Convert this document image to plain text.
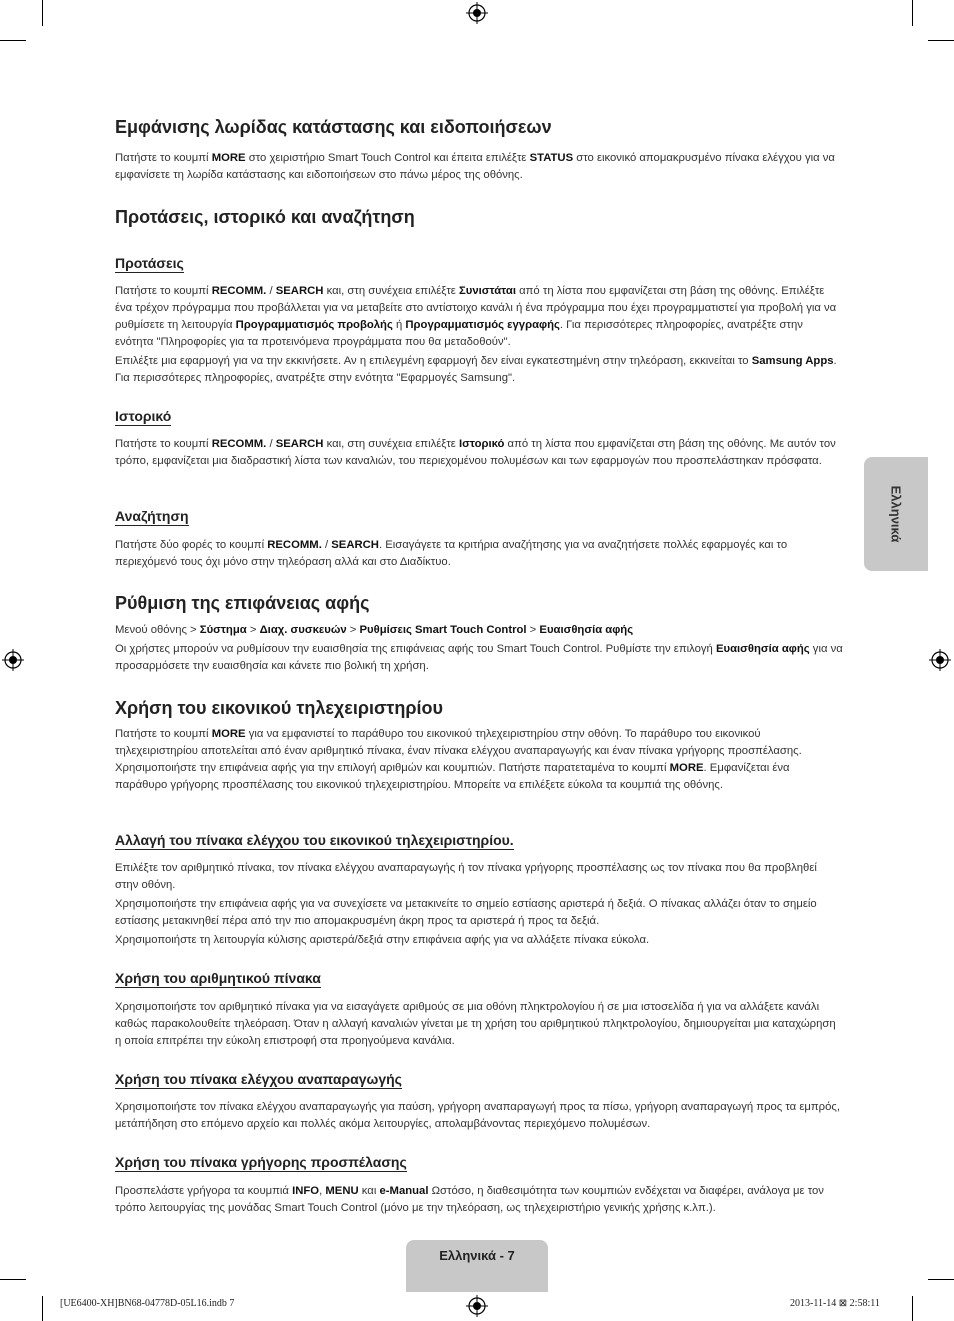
Εμφάνισης λωρίδας κατάστασης και ειδοποιήσεων

Πατήστε το κουμπί MORE στο χειριστήριο Smart Touch Control και έπειτα επιλέξτε STATUS στο εικονικό απομακρυσμένο πίνακα ελέγχου για να εμφανίσετε τη λωρίδα κατάστασης και ειδοποιήσεων στο πάνω μέρος της οθόνης.

Προτάσεις, ιστορικό και αναζήτηση
Προτάσεις

Πατήστε το κουμπί RECOMM. / SEARCH και, στη συνέχεια επιλέξτε Συνιστάται από τη λίστα που εμφανίζεται στη βάση της οθόνης. Επιλέξτε ένα τρέχον πρόγραμμα που προβάλλεται για να μεταβείτε στο αντίστοιχο κανάλι ή ένα πρόγραμμα που έχει προγραμματιστεί για προβολή για να ρυθμίσετε τη λειτουργία Προγραμματισμός προβολής ή Προγραμματισμός εγγραφής. Για περισσότερες πληροφορίες, ανατρέξτε στην ενότητα "Πληροφορίες για τα προτεινόμενα προγράμματα που θα μεταδοθούν".

Επιλέξτε μια εφαρμογή για να την εκκινήσετε. Αν η επιλεγμένη εφαρμογή δεν είναι εγκατεστημένη στην τηλεόραση, εκκινείται το Samsung Apps. Για περισσότερες πληροφορίες, ανατρέξτε στην ενότητα "Εφαρμογές Samsung".

Ιστορικό

Πατήστε το κουμπί RECOMM. / SEARCH και, στη συνέχεια επιλέξτε Ιστορικό από τη λίστα που εμφανίζεται στη βάση της οθόνης. Με αυτόν τον τρόπο, εμφανίζεται μια διαδραστική λίστα των καναλιών, του περιεχομένου πολυμέσων και των εφαρμογών που προσπελάστηκαν πρόσφατα.

Αναζήτηση

Πατήστε δύο φορές το κουμπί RECOMM. / SEARCH. Εισαγάγετε τα κριτήρια αναζήτησης για να αναζητήσετε πολλές εφαρμογές και το περιεχόμενό τους όχι μόνο στην τηλεόραση αλλά και στο Διαδίκτυο.

Ρύθμιση της επιφάνειας αφής

Μενού οθόνης > Σύστημα > Διαχ. συσκευών > Ρυθμίσεις Smart Touch Control > Ευαισθησία αφής

Οι χρήστες μπορούν να ρυθμίσουν την ευαισθησία της επιφάνειας αφής του Smart Touch Control. Ρυθμίστε την επιλογή Ευαισθησία αφής για να προσαρμόσετε την ευαισθησία και κάνετε πιο βολική τη χρήση.

Χρήση του εικονικού τηλεχειριστηρίου

Πατήστε το κουμπί MORE για να εμφανιστεί το παράθυρο του εικονικού τηλεχειριστηρίου στην οθόνη. Το παράθυρο του εικονικού τηλεχειριστηρίου αποτελείται από έναν αριθμητικό πίνακα, έναν πίνακα ελέγχου αναπαραγωγής και έναν πίνακα γρήγορης προσπέλασης. Χρησιμοποιήστε την επιφάνεια αφής για την επιλογή αριθμών και κουμπιών. Πατήστε παρατεταμένα το κουμπί MORE. Εμφανίζεται ένα παράθυρο γρήγορης προσπέλασης του εικονικού τηλεχειριστηρίου. Μπορείτε να επιλέξετε εύκολα τα κουμπιά της οθόνης.

Αλλαγή του πίνακα ελέγχου του εικονικού τηλεχειριστηρίου.

Επιλέξτε τον αριθμητικό πίνακα, τον πίνακα ελέγχου αναπαραγωγής ή τον πίνακα γρήγορης προσπέλασης ως τον πίνακα που θα προβληθεί στην οθόνη.

Χρησιμοποιήστε την επιφάνεια αφής για να συνεχίσετε να μετακινείτε το σημείο εστίασης αριστερά ή δεξιά. Ο πίνακας αλλάζει όταν το σημείο εστίασης μετακινηθεί πέρα από την πιο απομακρυσμένη άκρη προς τα αριστερά ή προς τα δεξιά.

Χρησιμοποιήστε τη λειτουργία κύλισης αριστερά/δεξιά στην επιφάνεια αφής για να αλλάξετε πίνακα εύκολα.

Χρήση του αριθμητικού πίνακα

Χρησιμοποιήστε τον αριθμητικό πίνακα για να εισαγάγετε αριθμούς σε μια οθόνη πληκτρολογίου ή σε μια ιστοσελίδα ή για να αλλάξετε κανάλι καθώς παρακολουθείτε τηλεόραση. Όταν η αλλαγή καναλιών γίνεται με τη χρήση του αριθμητικού πληκτρολογίου, δημιουργείται μια καταχώρηση η οποία επιτρέπει την εύκολη επιστροφή στα προηγούμενα κανάλια.

Χρήση του πίνακα ελέγχου αναπαραγωγής

Χρησιμοποιήστε τον πίνακα ελέγχου αναπαραγωγής για παύση, γρήγορη αναπαραγωγή προς τα πίσω, γρήγορη αναπαραγωγή προς τα εμπρός, μετάπήδηση στο επόμενο αρχείο και πολλές ακόμα λειτουργίες, απολαμβάνοντας περιεχόμενο πολυμέσων.

Χρήση του πίνακα γρήγορης προσπέλασης

Προσπελάστε γρήγορα τα κουμπιά INFO, MENU και e-Manual Ωστόσο, η διαθεσιμότητα των κουμπιών ενδέχεται να διαφέρει, ανάλογα με τον τρόπο λειτουργίας της μονάδας Smart Touch Control (μόνο με την τηλεόραση, ως τηλεχειριστήριο γενικής χρήσης κ.λπ.).

Ελληνικά
Ελληνικά - 7
[UE6400-XH]BN68-04778D-05L16.indb 7	2013-11-14 ⊠ 2:58:11
